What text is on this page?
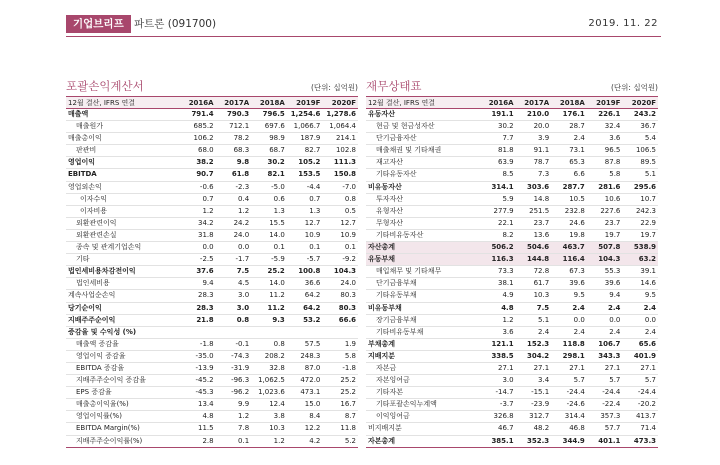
기업브리프 파트론 (091700)	2019. 11. 22
포괄손익계산서	(단위: 십억원)
12월 결산, IFRS 연결	2016A	2017A	2018A	2019F	2020F
매출액	791.4	790.3	796.5	1,254.6	1,278.6
매출원가	685.2	712.1	697.6	1,066.7	1,064.4
매출총이익	106.2	78.2	98.9	187.9	214.1
판관비	68.0	68.3	68.7	82.7	102.8
영업이익	38.2	9.8	30.2	105.2	111.3
EBITDA	90.7	61.8	82.1	153.5	150.8
영업외손익	-0.6	-2.3	-5.0	-4.4	-7.0
이자수익	0.7	0.4	0.6	0.7	0.8
이자비용	1.2	1.2	1.3	1.3	0.5
외환관련이익	34.2	24.2	15.5	12.7	12.7
외환관련손실	31.8	24.0	14.0	10.9	10.9
종속 및 관계기업손익	0.0	0.0	0.1	0.1	0.1
기타	-2.5	-1.7	-5.9	-5.7	-9.2
법인세비용차감전이익	37.6	7.5	25.2	100.8	104.3
법인세비용	9.4	4.5	14.0	36.6	24.0
계속사업순손익	28.3	3.0	11.2	64.2	80.3
당기순이익	28.3	3.0	11.2	64.2	80.3
지배주주순이익	21.8	0.8	9.3	53.2	66.6
증감율 및 수익성 (%)					
매출액 증감율	-1.8	-0.1	0.8	57.5	1.9
영업이익 증감율	-35.0	-74.3	208.2	248.3	5.8
EBITDA 증감율	-13.9	-31.9	32.8	87.0	-1.8
지배주주순이익 증감율	-45.2	-96.3	1,062.5	472.0	25.2
EPS 증감율	-45.3	-96.2	1,023.6	473.1	25.2
매출총이익율(%)	13.4	9.9	12.4	15.0	16.7
영업이익률(%)	4.8	1.2	3.8	8.4	8.7
EBITDA Margin(%)	11.5	7.8	10.3	12.2	11.8
지배주주순이익률(%)	2.8	0.1	1.2	4.2	5.2
재무상태표	(단위: 십억원)
12월 결산, IFRS 연결	2016A	2017A	2018A	2019F	2020F
유동자산	191.1	210.0	176.1	226.1	243.2
현금 및 현금성자산	30.2	20.0	28.7	32.4	36.7
단기금융자산	7.7	3.9	2.4	3.6	5.4
매출채권 및 기타채권	81.8	91.1	73.1	96.5	106.5
재고자산	63.9	78.7	65.3	87.8	89.5
기타유동자산	8.5	7.3	6.6	5.8	5.1
비유동자산	314.1	303.6	287.7	281.6	295.6
투자자산	5.9	14.8	10.5	10.6	10.7
유형자산	277.9	251.5	232.8	227.6	242.3
무형자산	22.1	23.7	24.6	23.7	22.9
기타비유동자산	8.2	13.6	19.8	19.7	19.7
자산총계	506.2	504.6	463.7	507.8	538.9
유동부채	116.3	144.8	116.4	104.3	63.2
매입채무 및 기타채무	73.3	72.8	67.3	55.3	39.1
단기금융부채	38.1	61.7	39.6	39.6	14.6
기타유동부채	4.9	10.3	9.5	9.4	9.5
비유동부채	4.8	7.5	2.4	2.4	2.4
장기금융부채	1.2	5.1	0.0	0.0	0.0
기타비유동부채	3.6	2.4	2.4	2.4	2.4
부채총계	121.1	152.3	118.8	106.7	65.6
지배지분	338.5	304.2	298.1	343.3	401.9
자본금	27.1	27.1	27.1	27.1	27.1
자본잉여금	3.0	3.4	5.7	5.7	5.7
기타자본	-14.7	-15.1	-24.4	-24.4	-24.4
기타포괄손익누계액	-3.7	-23.9	-24.6	-22.4	-20.2
이익잉여금	326.8	312.7	314.4	357.3	413.7
비지배지분	46.7	48.2	46.8	57.7	71.4
자본총계	385.1	352.3	344.9	401.1	473.3
